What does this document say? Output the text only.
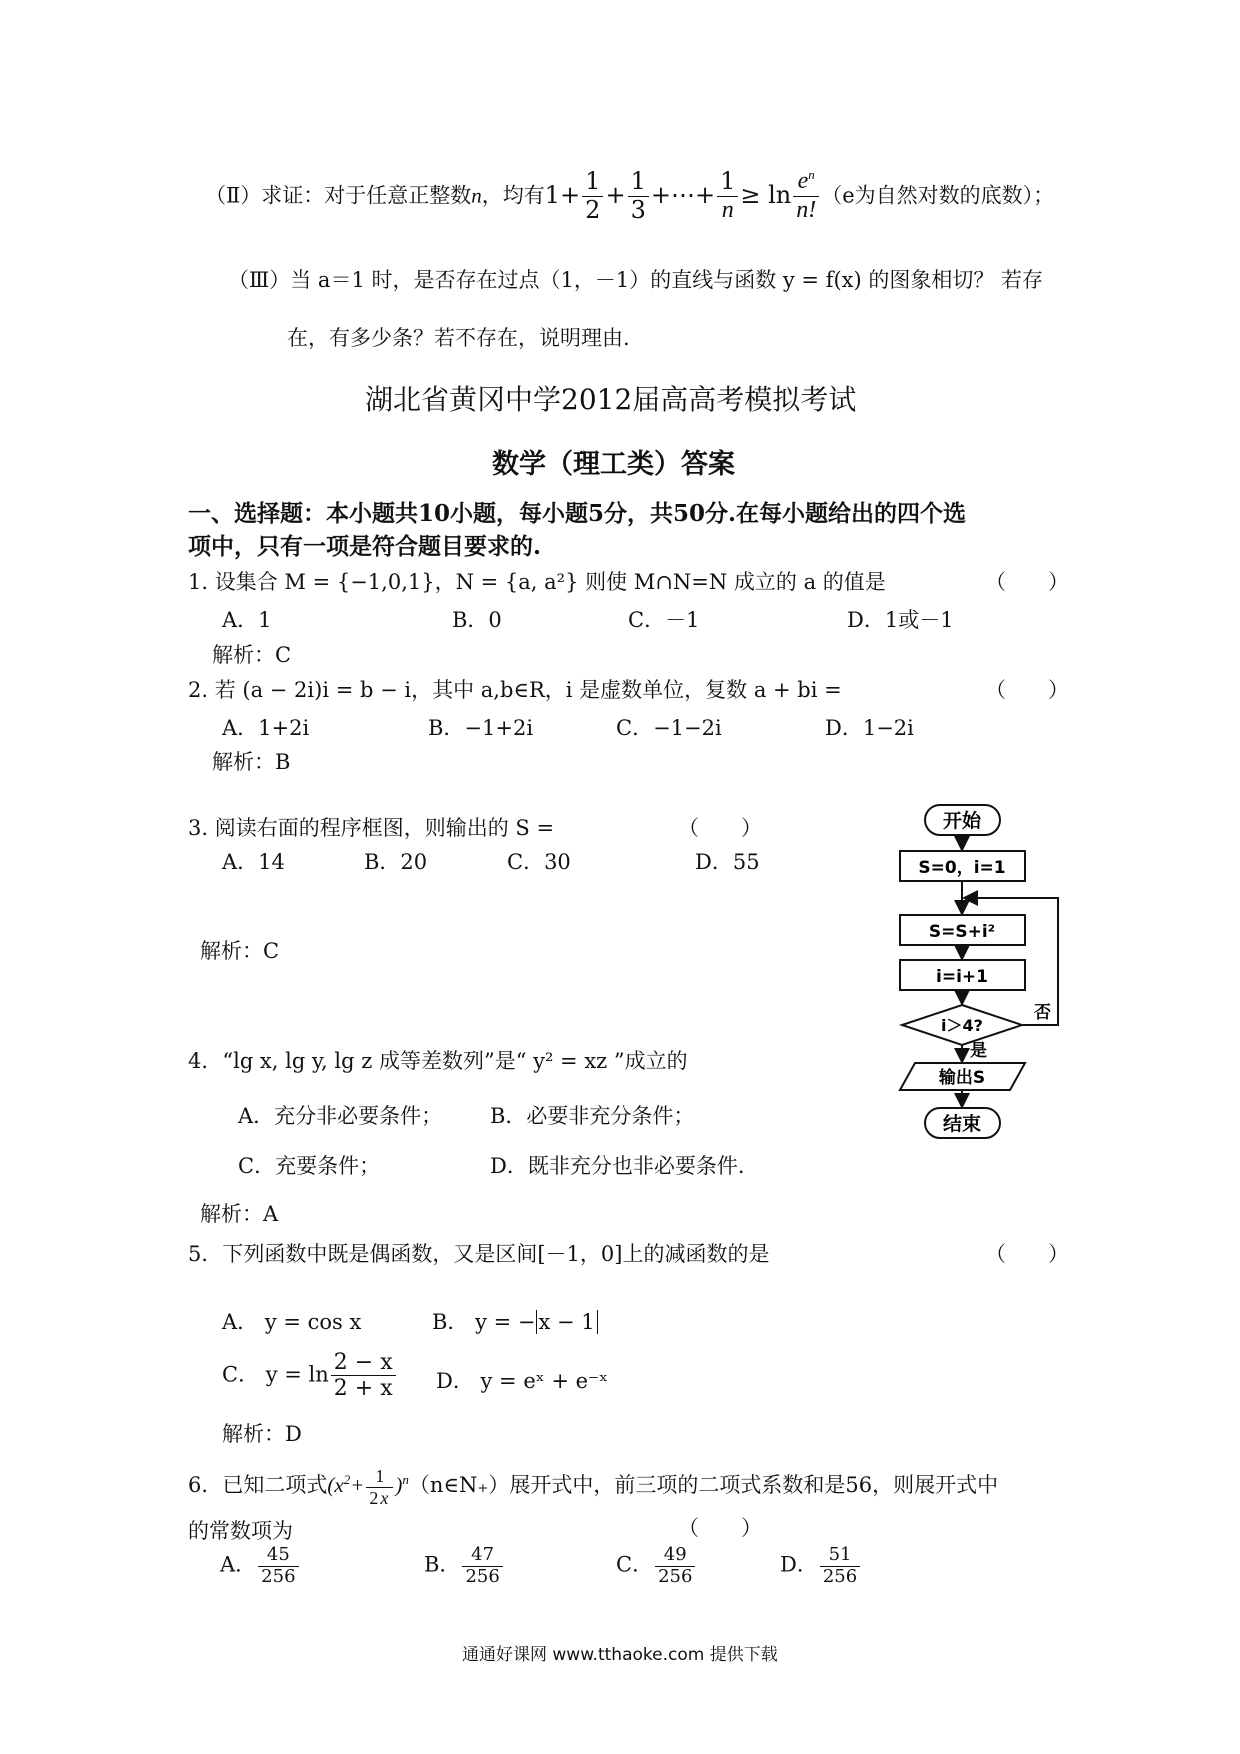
（Ⅱ）求证：对于任意正整数n，均有$1+ \frac{1}{2} + \frac{1}{3}$ +⋯+ $\frac{1}{n} \ge \ln \frac{e^n}{n!} (e$为自然对数的底数）；
（Ⅲ）当 a＝1 时，是否存在过点（1，－1）的直线与函数 y = f(x) 的图象相切？ 若存
在，有多少条？若不存在，说明理由.
湖北省黄冈中学2012届高高考模拟考试
数学（理工类）答案
一、选择题：本小题共10小题，每小题5分，共50分.在每小题给出的四个选
项中，只有一项是符合题目要求的.
1. 设集合 M = {−1,0,1}，N = {a, a²} 则使 M∩N=N 成立的 a 的值是	（　　）
A．1	B．0	C．－1	D．1或－1
解析：C
2. 若 (a − 2i)i = b − i，其中 a,b∈R，i 是虚数单位，复数 a + bi =	（　　）
A．1+2i	B．−1+2i	C．−1−2i	D．1−2i
解析：B
3. 阅读右面的程序框图，则输出的 S =	（　　）
A．14	B．20	C．30	D．55
解析：C
开始
S=0，i=1
S=S+i²
i=i+1
i＞4?
否
是
输出S
结束
4．“lg x, lg y, lg z 成等差数列”是“ y² = xz ”成立的
A．充分非必要条件； B．必要非充分条件；
C．充要条件；	D．既非充分也非必要条件.
解析：A
5．下列函数中既是偶函数，又是区间[－1，0]上的减函数的是	（　　）
A． y = cos x	B． y = − x − 1
C． $y = \ln \frac{2 - x}{2 + x}$ D． y = eˣ + e⁻ˣ
解析：D
6．已知二项式($x^2+ \frac{1}{2 x}$ )$^n(n\in N_+)$展开式中，前三项的二项式系数和是56，则展开式中
的常数项为	（　　）
A． $\frac{45}{256}$	B． $\frac{47}{256}$	C． $\frac{49}{256}$	D． $\frac{51}{256}$
通通好课网 www.tthaoke.com 提供下载
